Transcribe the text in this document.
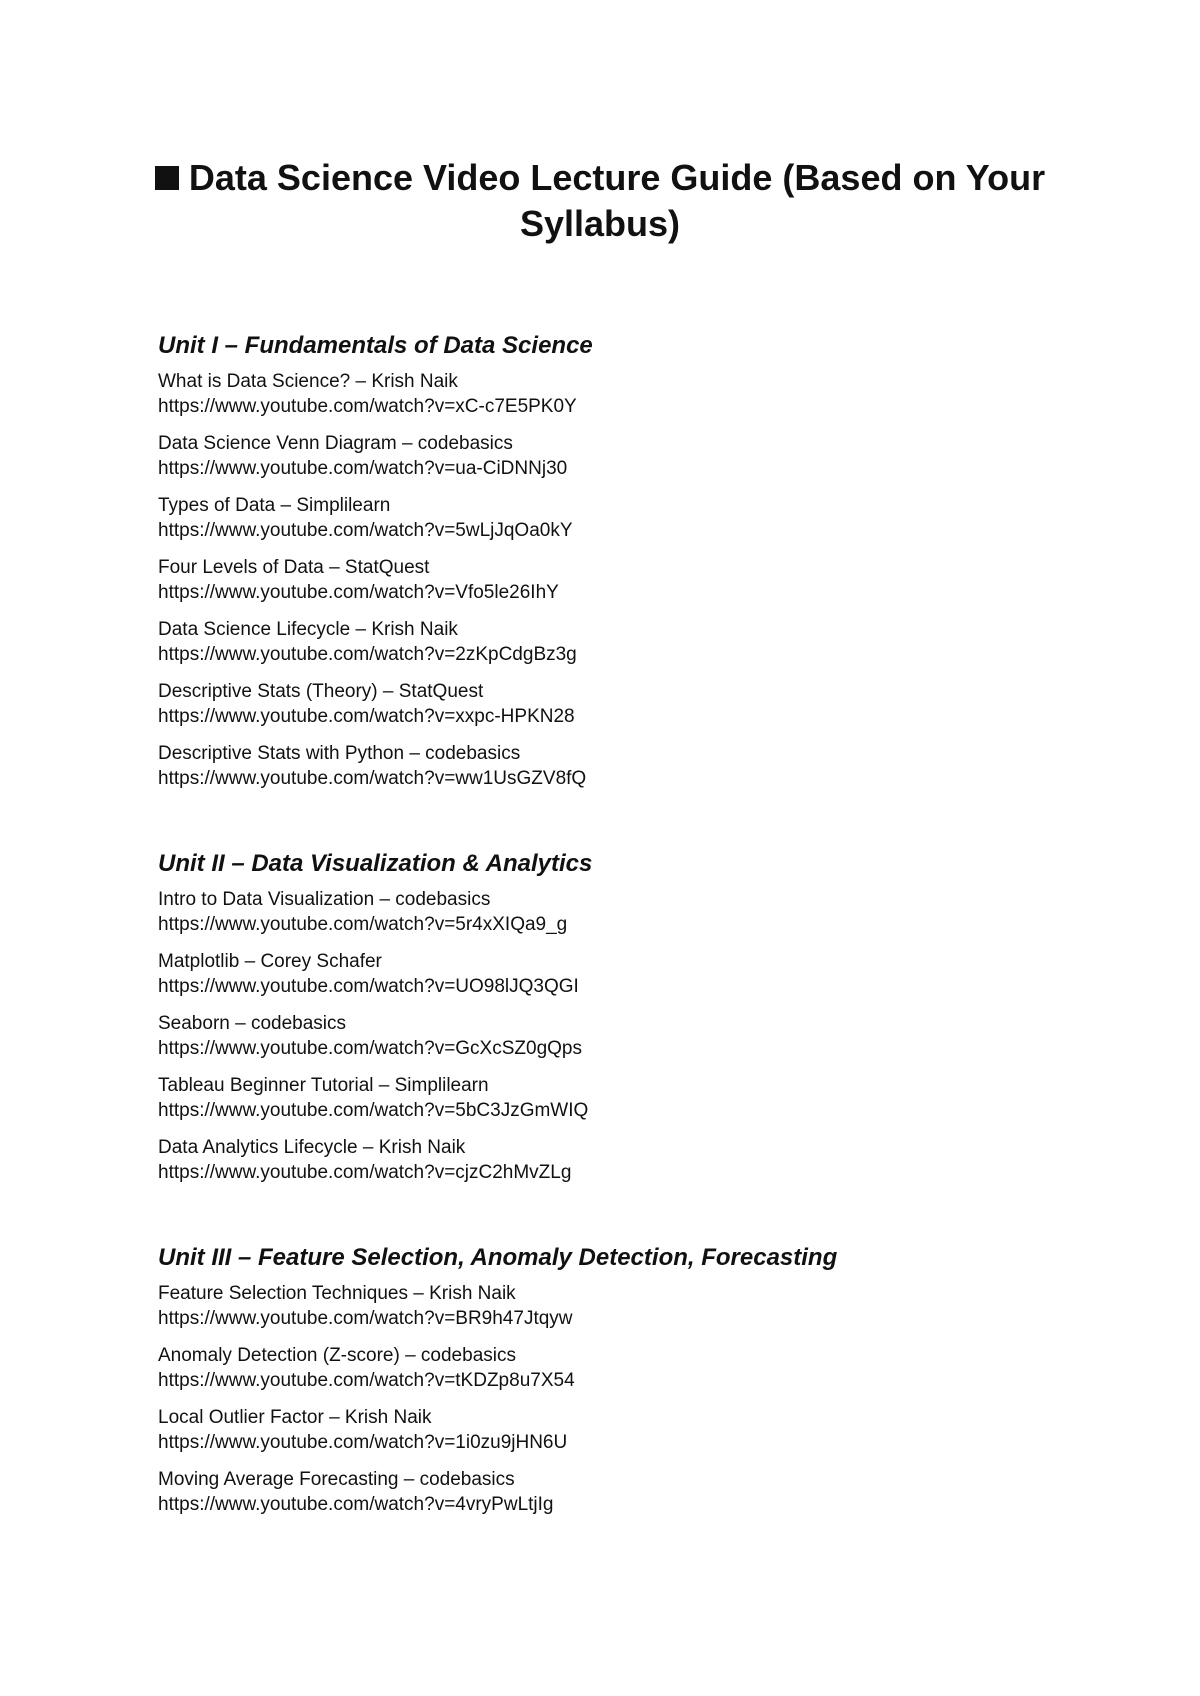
Data Science Video Lecture Guide (Based on Your Syllabus)
Unit I – Fundamentals of Data Science
What is Data Science? – Krish Naik
https://www.youtube.com/watch?v=xC-c7E5PK0Y
Data Science Venn Diagram – codebasics
https://www.youtube.com/watch?v=ua-CiDNNj30
Types of Data – Simplilearn
https://www.youtube.com/watch?v=5wLjJqOa0kY
Four Levels of Data – StatQuest
https://www.youtube.com/watch?v=Vfo5le26IhY
Data Science Lifecycle – Krish Naik
https://www.youtube.com/watch?v=2zKpCdgBz3g
Descriptive Stats (Theory) – StatQuest
https://www.youtube.com/watch?v=xxpc-HPKN28
Descriptive Stats with Python – codebasics
https://www.youtube.com/watch?v=ww1UsGZV8fQ
Unit II – Data Visualization & Analytics
Intro to Data Visualization – codebasics
https://www.youtube.com/watch?v=5r4xXIQa9_g
Matplotlib – Corey Schafer
https://www.youtube.com/watch?v=UO98lJQ3QGI
Seaborn – codebasics
https://www.youtube.com/watch?v=GcXcSZ0gQps
Tableau Beginner Tutorial – Simplilearn
https://www.youtube.com/watch?v=5bC3JzGmWIQ
Data Analytics Lifecycle – Krish Naik
https://www.youtube.com/watch?v=cjzC2hMvZLg
Unit III – Feature Selection, Anomaly Detection, Forecasting
Feature Selection Techniques – Krish Naik
https://www.youtube.com/watch?v=BR9h47Jtqyw
Anomaly Detection (Z-score) – codebasics
https://www.youtube.com/watch?v=tKDZp8u7X54
Local Outlier Factor – Krish Naik
https://www.youtube.com/watch?v=1i0zu9jHN6U
Moving Average Forecasting – codebasics
https://www.youtube.com/watch?v=4vryPwLtjIg
